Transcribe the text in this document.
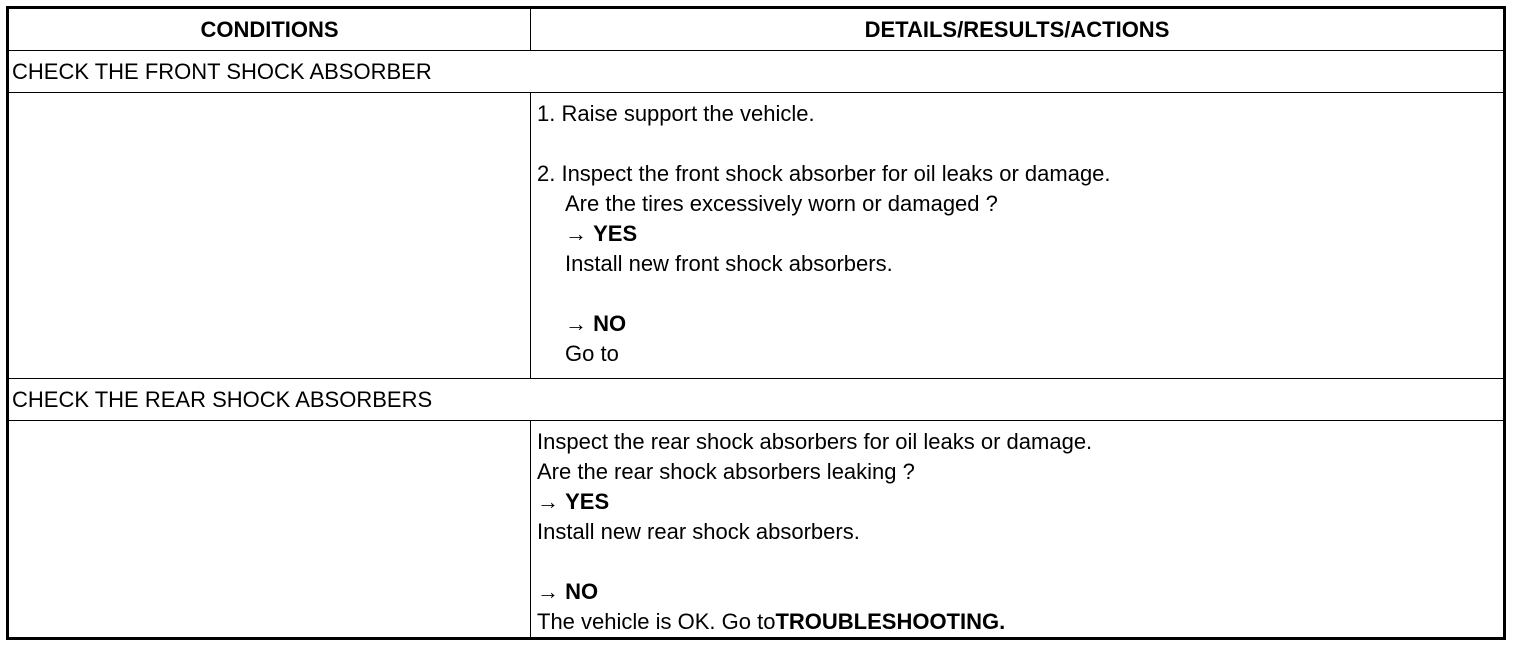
CONDITIONS	DETAILS/RESULTS/ACTIONS
CHECK THE FRONT SHOCK ABSORBER
1. Raise support the vehicle.
2. Inspect the front shock absorber for oil leaks or damage.
Are the tires excessively worn or damaged ?
→ YES
Install new front shock absorbers.
→ NO
Go to
CHECK THE REAR SHOCK ABSORBERS
Inspect the rear shock absorbers for oil leaks or damage.
Are the rear shock absorbers leaking ?
→ YES
Install new rear shock absorbers.
→ NO
The vehicle is OK. Go toTROUBLESHOOTING.
